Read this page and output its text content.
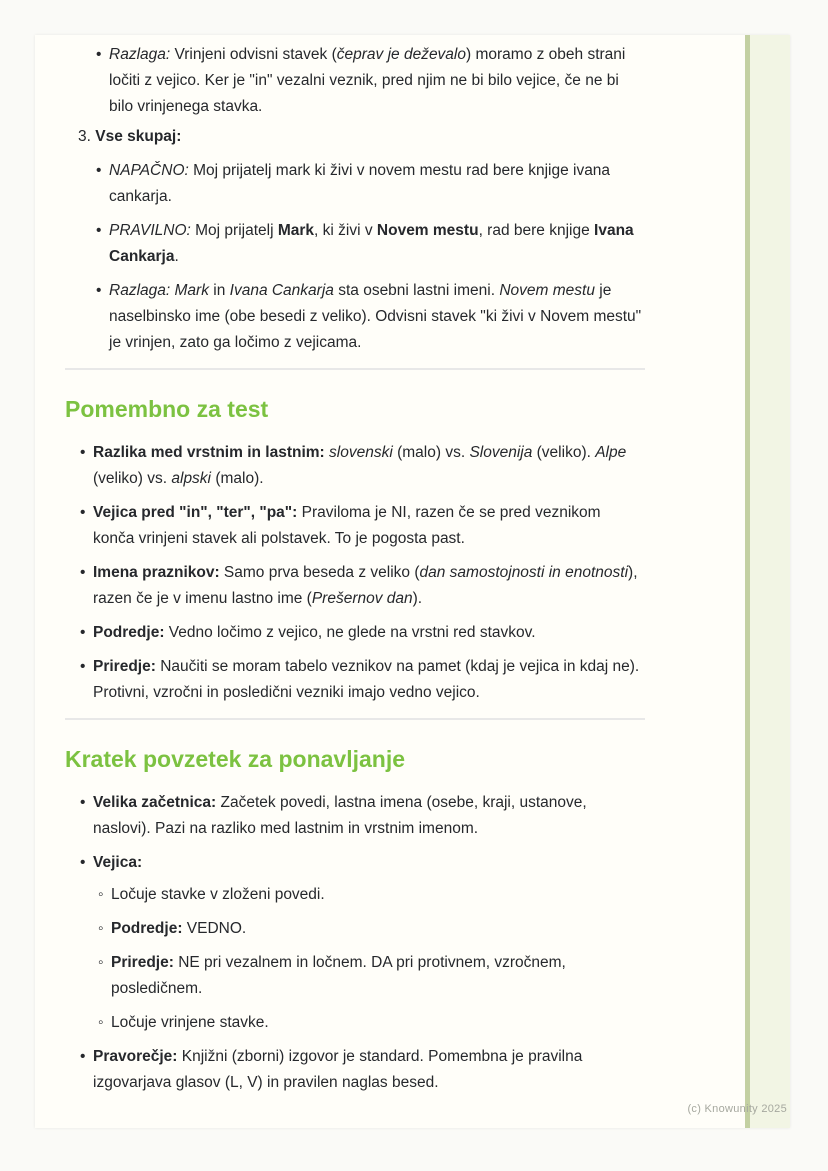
• Razlaga: Vrinjeni odvisni stavek (čeprav je deževalo) moramo z obeh strani ločiti z vejico. Ker je "in" vezalni veznik, pred njim ne bi bilo vejice, če ne bi bilo vrinjenega stavka.
3. Vse skupaj:
• NAPAČNO: Moj prijatelj mark ki živi v novem mestu rad bere knjige ivana cankarja.
• PRAVILNO: Moj prijatelj Mark, ki živi v Novem mestu, rad bere knjige Ivana Cankarja.
• Razlaga: Mark in Ivana Cankarja sta osebni lastni imeni. Novem mestu je naselbinsko ime (obe besedi z veliko). Odvisni stavek "ki živi v Novem mestu" je vrinjen, zato ga ločimo z vejicama.
Pomembno za test
• Razlika med vrstnim in lastnim: slovenski (malo) vs. Slovenija (veliko). Alpe (veliko) vs. alpski (malo).
• Vejica pred "in", "ter", "pa": Praviloma je NI, razen če se pred veznikom konča vrinjeni stavek ali polstavek. To je pogosta past.
• Imena praznikov: Samo prva beseda z veliko (dan samostojnosti in enotnosti), razen če je v imenu lastno ime (Prešernov dan).
• Podredje: Vedno ločimo z vejico, ne glede na vrstni red stavkov.
• Priredje: Naučiti se moram tabelo veznikov na pamet (kdaj je vejica in kdaj ne). Protivni, vzročni in posledični vezniki imajo vedno vejico.
Kratek povzetek za ponavljanje
• Velika začetnica: Začetek povedi, lastna imena (osebe, kraji, ustanove, naslovi). Pazi na razliko med lastnim in vrstnim imenom.
• Vejica:
◦ Ločuje stavke v zloženi povedi.
◦ Podredje: VEDNO.
◦ Priredje: NE pri vezalnem in ločnem. DA pri protivnem, vzročnem, posledičnem.
◦ Ločuje vrinjene stavke.
• Pravorečje: Knjižni (zborni) izgovor je standard. Pomembna je pravilna izgovarjava glasov (L, V) in pravilen naglas besed.
(c) Knowunity 2025
